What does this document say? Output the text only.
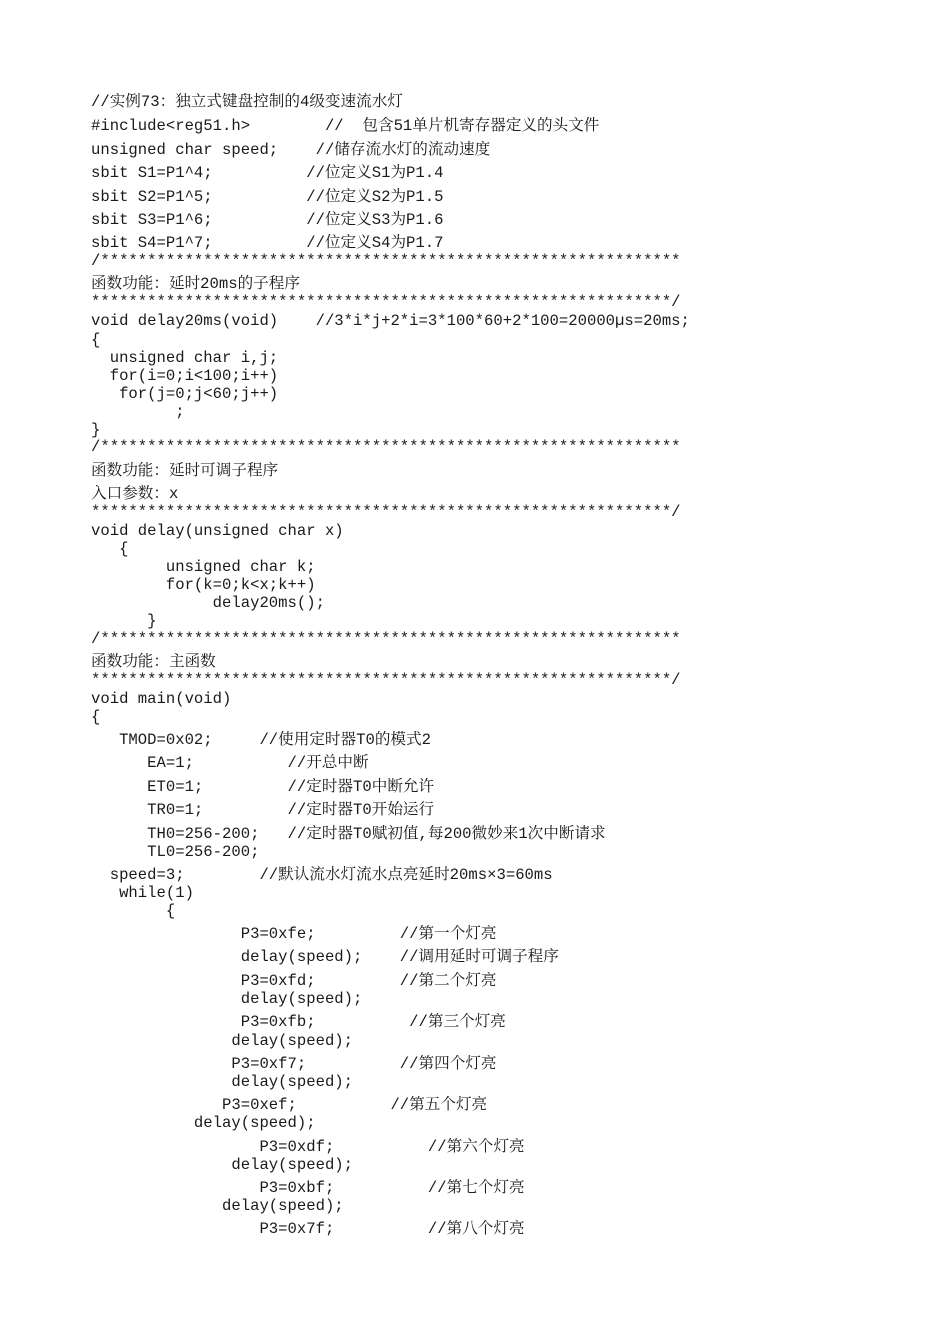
//实例73：独立式键盘控制的4级变速流水灯
#include<reg51.h>        //  包含51单片机寄存器定义的头文件
unsigned char speed;    //储存流水灯的流动速度
sbit S1=P1^4;          //位定义S1为P1.4
sbit S2=P1^5;          //位定义S2为P1.5
sbit S3=P1^6;          //位定义S3为P1.6
sbit S4=P1^7;          //位定义S4为P1.7
/**************************************************************
函数功能：延时20ms的子程序
**************************************************************/
void delay20ms(void)    //3*i*j+2*i=3*100*60+2*100=20000µs=20ms;
{
unsigned char i,j;
for(i=0;i<100;i++)
for(j=0;j<60;j++)
;
}
/**************************************************************
函数功能：延时可调子程序
入口参数：x
**************************************************************/
void delay(unsigned char x)
{
unsigned char k;
for(k=0;k<x;k++)
delay20ms();
}
/**************************************************************
函数功能：主函数
**************************************************************/
void main(void)
{
TMOD=0x02;     //使用定时器T0的模式2
EA=1;          //开总中断
ET0=1;         //定时器T0中断允许
TR0=1;         //定时器T0开始运行
TH0=256-200;   //定时器T0赋初值,每200微妙来1次中断请求
TL0=256-200;
speed=3;        //默认流水灯流水点亮延时20ms×3=60ms
while(1)
{
P3=0xfe;         //第一个灯亮
delay(speed);    //调用延时可调子程序
P3=0xfd;         //第二个灯亮
delay(speed);
P3=0xfb;          //第三个灯亮
delay(speed);
P3=0xf7;          //第四个灯亮
delay(speed);
P3=0xef;          //第五个灯亮
delay(speed);
P3=0xdf;          //第六个灯亮
delay(speed);
P3=0xbf;          //第七个灯亮
delay(speed);
P3=0x7f;          //第八个灯亮
